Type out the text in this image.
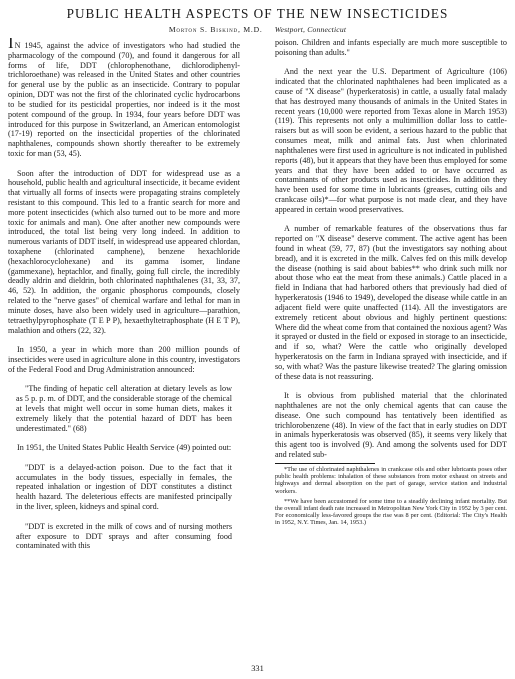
PUBLIC HEALTH ASPECTS OF THE NEW INSECTICIDES
Morton S. Biskind, M.D. Westport, Connecticut

IN 1945, against the advice of investigators who had studied the pharmacology of the compound (70), and found it dangerous for all forms of life, DDT (chlorophenothane, dichlorodiphenyl-trichloroethane) was released in the United States and other countries for general use by the public as an insecticide. Contrary to popular opinion, DDT was not the first of the chlorinated cyclic hydrocarbons to be studied for its pesticidal properties, nor indeed is it the most potent compound of the group. In 1934, four years before DDT was introduced for this purpose in Switzerland, an American entomologist (17-19) reported on the insecticidal properties of the chlorinated naphthalenes, compounds shown shortly thereafter to be extremely toxic for man (53, 45).

Soon after the introduction of DDT for widespread use as a household, public health and agricultural insecticide, it became evident that virtually all forms of insects were propagating strains completely resistant to this compound. This led to a frantic search for more and more potent insecticides (which also turned out to be more and more toxic for animals and man). One after another new compounds were introduced, the total list being very long indeed. In addition to numerous variants of DDT itself, in widespread use appeared chlordan, toxaphene (chlorinated camphene), benzene hexachloride (hexachlorocyclohexane) and its gamma isomer, lindane (gammexane), heptachlor, and finally, going full circle, the incredibly deadly aldrin and dieldrin, both chlorinated naphthalenes (31, 33, 37, 46, 52). In addition, the organic phosphorus compounds, closely related to the "nerve gases" of chemical warfare and lethal for man in minute doses, have also been widely used in agriculture—parathion, tetraethylpyrophosphate (T E P P), hexaethyltetraphosphate (H E T P), malathion and others (22, 32).

In 1950, a year in which more than 200 million pounds of insecticides were used in agriculture alone in this country, investigators of the Federal Food and Drug Administration announced:

"The finding of hepatic cell alteration at dietary levels as low as 5 p. p. m. of DDT, and the considerable storage of the chemical at levels that might well occur in some human diets, makes it extremely likely that the potential hazard of DDT has been underestimated." (68)

In 1951, the United States Public Health Service (49) pointed out:

"DDT is a delayed-action poison. Due to the fact that it accumulates in the body tissues, especially in females, the repeated inhalation or ingestion of DDT constitutes a distinct health hazard. The deleterious effects are manifested principally in the liver, spleen, kidneys and spinal cord.

"DDT is excreted in the milk of cows and of nursing mothers after exposure to DDT sprays and after consuming food contaminated with this

poison. Children and infants especially are much more susceptible to poisoning than adults."

And the next year the U.S. Department of Agriculture (106) indicated that the chlorinated naphthalenes had been implicated as a cause of "X disease" (hyperkeratosis) in cattle, a usually fatal malady that has destroyed many thousands of animals in the United States in recent years (10,000 were reported from Texas alone in March 1953) (119). This represents not only a multimillion dollar loss to cattle-raisers but as will soon be evident, a serious hazard to the public that consumes meat, milk and animal fats. Just when chlorinated naphthalenes were first used in agriculture is not indicated in published reports (48), but it appears that they have been thus employed for some years and that they have been added to or have occurred as contaminants of other products used as insecticides. In addition they have been used for some time in lubricants (greases, cutting oils and crankcase oils)*—for what purpose is not made clear, and they have appeared in certain wood preservatives.

A number of remarkable features of the observations thus far reported on "X disease" deserve comment. The active agent has been found in wheat (59, 77, 87) (but the investigators say nothing about bread), and it is excreted in the milk. Calves fed on this milk develop the disease (nothing is said about babies** who drink such milk nor about those who eat the meat from these animals.) Cattle placed in a field in Indiana that had harbored others that previously had died of hyperkeratosis (1946 to 1949), developed the disease while cattle in an adjacent field were quite unaffected (114). All the investigators are extremely reticent about obvious and highly pertinent questions: Where did the wheat come from that contained the noxious agent? Was it sprayed or dusted in the field or exposed in storage to an insecticide, and if so, what? Were the cattle who originally developed hyperkeratosis on the farm in Indiana sprayed with insecticide, and if so, with what? Was the pasture likewise treated? The glaring omission of these data is not reassuring.

It is obvious from published material that the chlorinated naphthalenes are not the only chemical agents that can cause the disease. One such compound has tentatively been identified as trichlorobenzene (48). In view of the fact that in early studies on DDT in animals hyperkeratosis was observed (85), it seems very likely that this agent too is involved (9). And among the solvents used for DDT and related sub-

*The use of chlorinated naphthalenes in crankcase oils and other lubricants poses other public health problems: inhalation of these substances from motor exhaust on streets and highways and dermal absorption on the part of garage, service station and industrial workers.

**We have been accustomed for some time to a steadily declining infant mortality. But the overall infant death rate increased in Metropolitan New York City in 1952 by 3 per cent. For economically less-favored groups the rise was 8 per cent. (Editorial: The City's Health in 1952, N.Y. Times, Jan. 14, 1953.)

331
